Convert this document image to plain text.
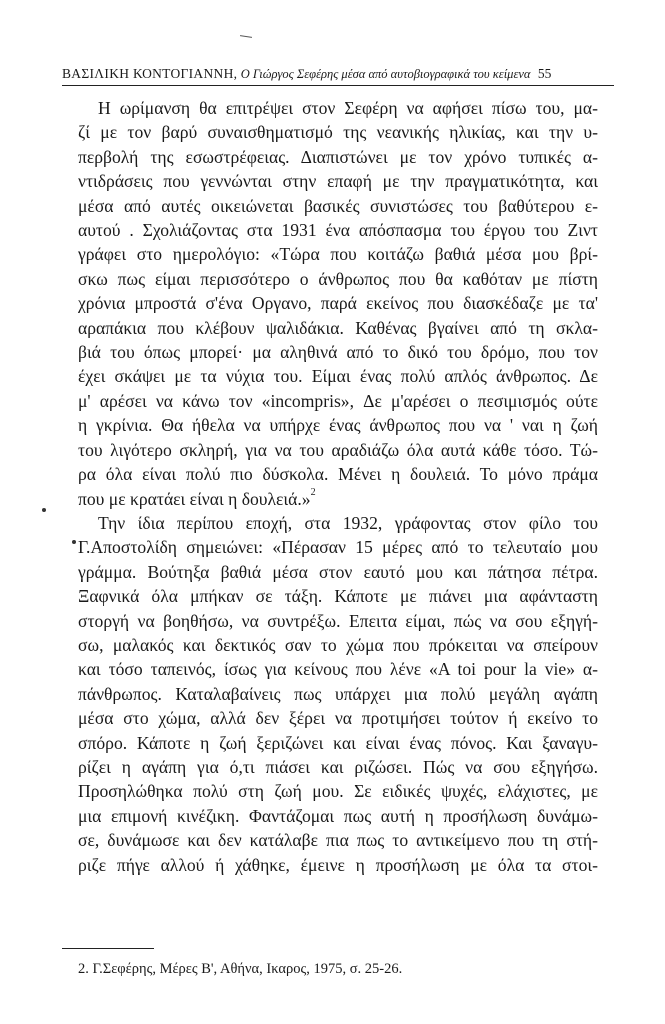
ΒΑΣΙΛΙΚΗ ΚΟΝΤΟΓΙΑΝΝΗ, Ο Γιώργος Σεφέρης μέσα από αυτοβιογραφικά του κείμενα 55
Η ωρίμανση θα επιτρέψει στον Σεφέρη να αφήσει πίσω του, μα-
ζί με τον βαρύ συναισθηματισμό της νεανικής ηλικίας, και την υ-
περβολή της εσωστρέφειας. Διαπιστώνει με τον χρόνο τυπικές α-
ντιδράσεις που γεννώνται στην επαφή με την πραγματικότητα, και
μέσα από αυτές οικειώνεται βασικές συνιστώσες του βαθύτερου ε-
αυτού . Σχολιάζοντας στα 1931 ένα απόσπασμα του έργου του Ζιντ
γράφει στο ημερολόγιο: «Τώρα που κοιτάζω βαθιά μέσα μου βρί-
σκω πως είμαι περισσότερο ο άνθρωπος που θα καθόταν με πίστη
χρόνια μπροστά σ'ένα Οργανο, παρά εκείνος που διασκέδαζε με τα'
αραπάκια που κλέβουν ψαλιδάκια. Καθένας βγαίνει από τη σκλα-
βιά του όπως μπορεί· μα αληθινά από το δικό του δρόμο, που τον
έχει σκάψει με τα νύχια του. Είμαι ένας πολύ απλός άνθρωπος. Δε
μ' αρέσει να κάνω τον «incompris», Δε μ'αρέσει ο πεσιμισμός ούτε
η γκρίνια. Θα ήθελα να υπήρχε ένας άνθρωπος που να ' ναι η ζωή
του λιγότερο σκληρή, για να του αραδιάζω όλα αυτά κάθε τόσο. Τώ-
ρα όλα είναι πολύ πιο δύσκολα. Μένει η δουλειά. Το μόνο πράμα
που με κρατάει είναι η δουλειά.»$^2$
Την ίδια περίπου εποχή, στα 1932, γράφοντας στον φίλο του
Γ.Αποστολίδη σημειώνει: «Πέρασαν 15 μέρες από το τελευταίο μου
γράμμα. Βούτηξα βαθιά μέσα στον εαυτό μου και πάτησα πέτρα.
Ξαφνικά όλα μπήκαν σε τάξη. Κάποτε με πιάνει μια αφάνταστη
στοργή να βοηθήσω, να συντρέξω. Επειτα είμαι, πώς να σου εξηγή-
σω, μαλακός και δεκτικός σαν το χώμα που πρόκειται να σπείρουν
και τόσο ταπεινός, ίσως για κείνους που λένε «A toi pour la vie» α-
πάνθρωπος. Καταλαβαίνεις πως υπάρχει μια πολύ μεγάλη αγάπη
μέσα στο χώμα, αλλά δεν ξέρει να προτιμήσει τούτον ή εκείνο το
σπόρο. Κάποτε η ζωή ξεριζώνει και είναι ένας πόνος. Και ξαναγυ-
ρίζει η αγάπη για ό,τι πιάσει και ριζώσει. Πώς να σου εξηγήσω.
Προσηλώθηκα πολύ στη ζωή μου. Σε ειδικές ψυχές, ελάχιστες, με
μια επιμονή κινέζικη. Φαντάζομαι πως αυτή η προσήλωση δυνάμω-
σε, δυνάμωσε και δεν κατάλαβε πια πως το αντικείμενο που τη στή-
ριζε πήγε αλλού ή χάθηκε, έμεινε η προσήλωση με όλα τα στοι-
2. Γ.Σεφέρης, Μέρες Β', Αθήνα, Ικαρος, 1975, σ. 25-26.
